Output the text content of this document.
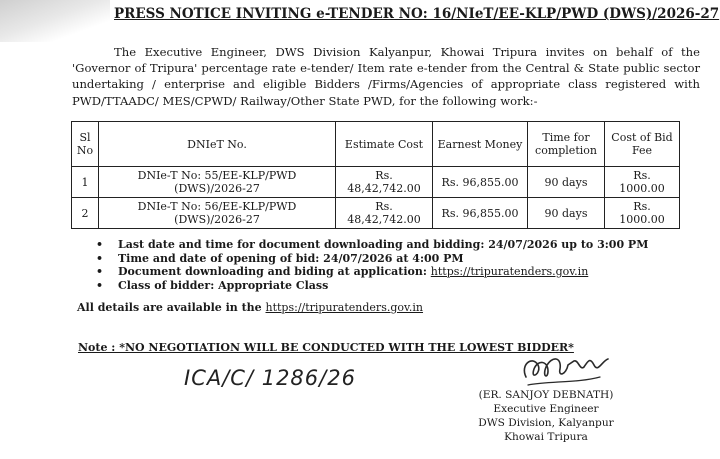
PRESS NOTICE INVITING e-TENDER NO: 16/NIeT/EE-KLP/PWD (DWS)/2026-27
The Executive Engineer, DWS Division Kalyanpur, Khowai Tripura invites on behalf of the 'Governor of Tripura' percentage rate e-tender/ Item rate e-tender from the Central & State public sector undertaking / enterprise and eligible Bidders /Firms/Agencies of appropriate class registered with PWD/TTAADC/ MES/CPWD/ Railway/Other State PWD, for the following work:-
Sl No	DNIeT No.	Estimate Cost	Earnest Money	Time for completion	Cost of Bid Fee
1	DNIe-T No: 55/EE-KLP/PWD (DWS)/2026-27	Rs. 48,42,742.00	Rs. 96,855.00	90 days	Rs. 1000.00
2	DNIe-T No: 56/EE-KLP/PWD (DWS)/2026-27	Rs. 48,42,742.00	Rs. 96,855.00	90 days	Rs. 1000.00
• Last date and time for document downloading and bidding: 24/07/2026 up to 3:00 PM
• Time and date of opening of bid: 24/07/2026 at 4:00 PM
• Document downloading and biding at application: https://tripuratenders.gov.in
• Class of bidder: Appropriate Class
All details are available in the https://tripuratenders.gov.in
Note : *NO NEGOTIATION WILL BE CONDUCTED WITH THE LOWEST BIDDER*
ICA/C/ 1286/26
(ER. SANJOY DEBNATH)
Executive Engineer
DWS Division, Kalyanpur
Khowai Tripura
